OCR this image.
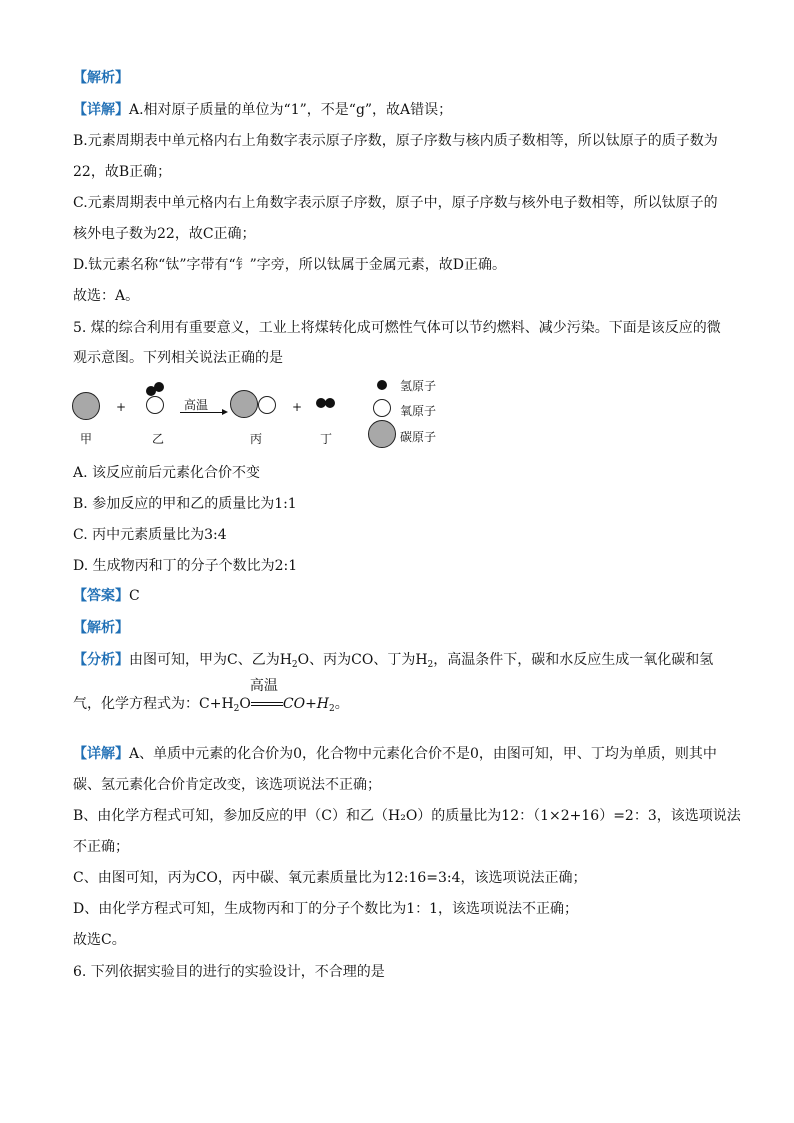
【解析】
【详解】A.相对原子质量的单位为“1”，不是“g”，故A错误；
B.元素周期表中单元格内右上角数字表示原子序数，原子序数与核内质子数相等，所以钛原子的质子数为
22，故B正确；
C.元素周期表中单元格内右上角数字表示原子序数，原子中，原子序数与核外电子数相等，所以钛原子的
核外电子数为22，故C正确；
D.钛元素名称“钛”字带有“钅”字旁，所以钛属于金属元素，故D正确。
故选：A。
5. 煤的综合利用有重要意义，工业上将煤转化成可燃性气体可以节约燃料、减少污染。下面是该反应的微
观示意图。下列相关说法正确的是
甲
+
乙
高温
丙
+
丁
氢原子
氧原子
碳原子
A. 该反应前后元素化合价不变
B. 参加反应的甲和乙的质量比为1:1
C. 丙中元素质量比为3:4
D. 生成物丙和丁的分子个数比为2:1
【答案】C
【解析】
【分析】由图可知，甲为C、乙为$H_2O$、丙为CO、丁为$H_2$，高温条件下，碳和水反应生成一氧化碳和氢
气，化学方程式为：$C+H_2O$
高温
$CO+H_2$。
【详解】A、单质中元素的化合价为0，化合物中元素化合价不是0，由图可知，甲、丁均为单质，则其中
碳、氢元素化合价肯定改变，该选项说法不正确；
B、由化学方程式可知，参加反应的甲（C）和乙（H₂O）的质量比为12：（1×2+16）=2：3，该选项说法
不正确；
C、由图可知，丙为CO，丙中碳、氧元素质量比为12:16=3:4，该选项说法正确；
D、由化学方程式可知，生成物丙和丁的分子个数比为1：1，该选项说法不正确；
故选C。
6. 下列依据实验目的进行的实验设计，不合理的是
